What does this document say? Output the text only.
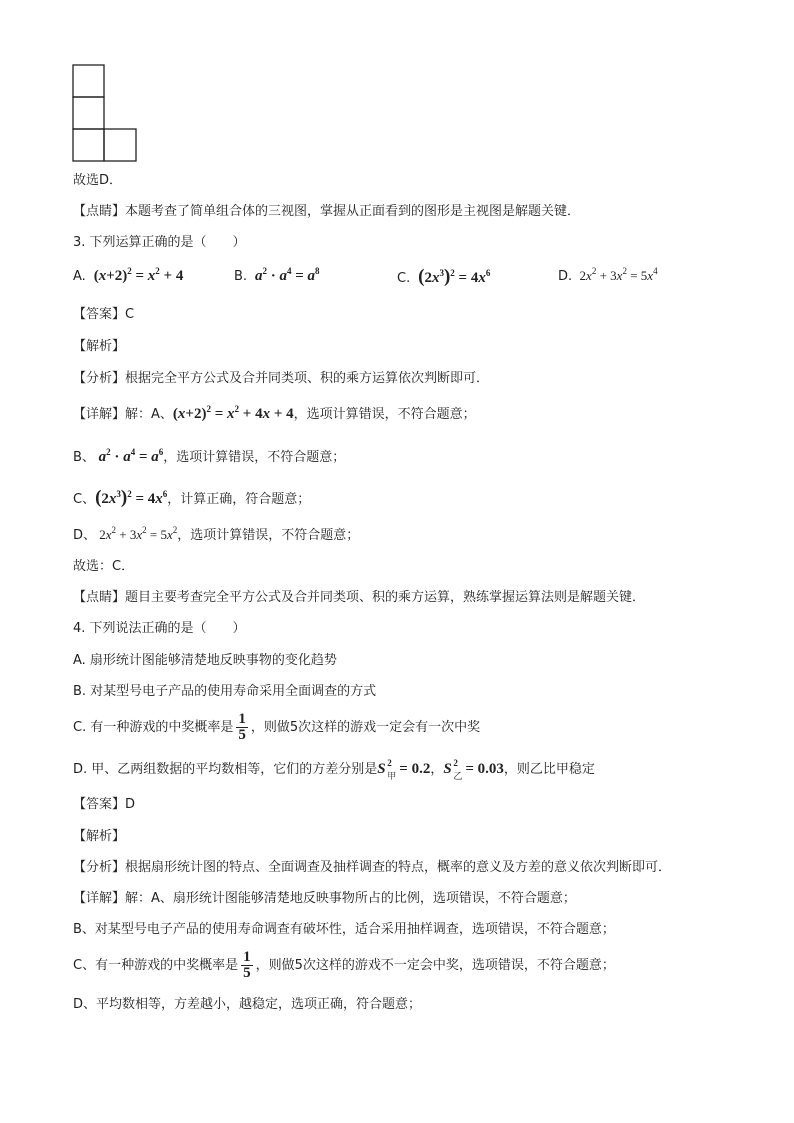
故选D．
【点睛】本题考查了简单组合体的三视图，掌握从正面看到的图形是主视图是解题关键．
3. 下列运算正确的是（　　）
A.  $(x+2)^2 = x^2 + 4$	B. $a^2 \cdot a^4 = a^8$	C. $(2x^3)^2 = 4x^6$	D.  $2x^2 + 3x^2 = 5x^4$
【答案】C
【解析】
【分析】根据完全平方公式及合并同类项、积的乘方运算依次判断即可．
【详解】解：A、$(x+2)^2 = x^2 + 4x + 4$，选项计算错误，不符合题意；
B、 $a^2 \cdot a^4 = a^6$，选项计算错误，不符合题意；
C、$(2x^3)^2 = 4x^6$，计算正确，符合题意；
D、 $2x^2 + 3x^2 = 5x^2$，选项计算错误，不符合题意；
故选：C．
【点睛】题目主要考查完全平方公式及合并同类项、积的乘方运算，熟练掌握运算法则是解题关键．
4. 下列说法正确的是（　　）
A. 扇形统计图能够清楚地反映事物的变化趋势
B. 对某型号电子产品的使用寿命采用全面调查的方式
C. 有一种游戏的中奖概率是 $\frac{1}{5}$ ，则做5次这样的游戏一定会有一次中奖
D. 甲、乙两组数据的平均数相等，它们的方差分别是S 2
甲 = 0.2，S 2
乙 = 0.03，则乙比甲稳定
【答案】D
【解析】
【分析】根据扇形统计图的特点、全面调查及抽样调查的特点，概率的意义及方差的意义依次判断即可．
【详解】解：A、扇形统计图能够清楚地反映事物所占的比例，选项错误，不符合题意；
B、对某型号电子产品的使用寿命调查有破坏性，适合采用抽样调查，选项错误，不符合题意；
C、有一种游戏的中奖概率是 $\frac{1}{5}$ ，则做5次这样的游戏不一定会中奖，选项错误，不符合题意；
D、平均数相等，方差越小，越稳定，选项正确，符合题意；
